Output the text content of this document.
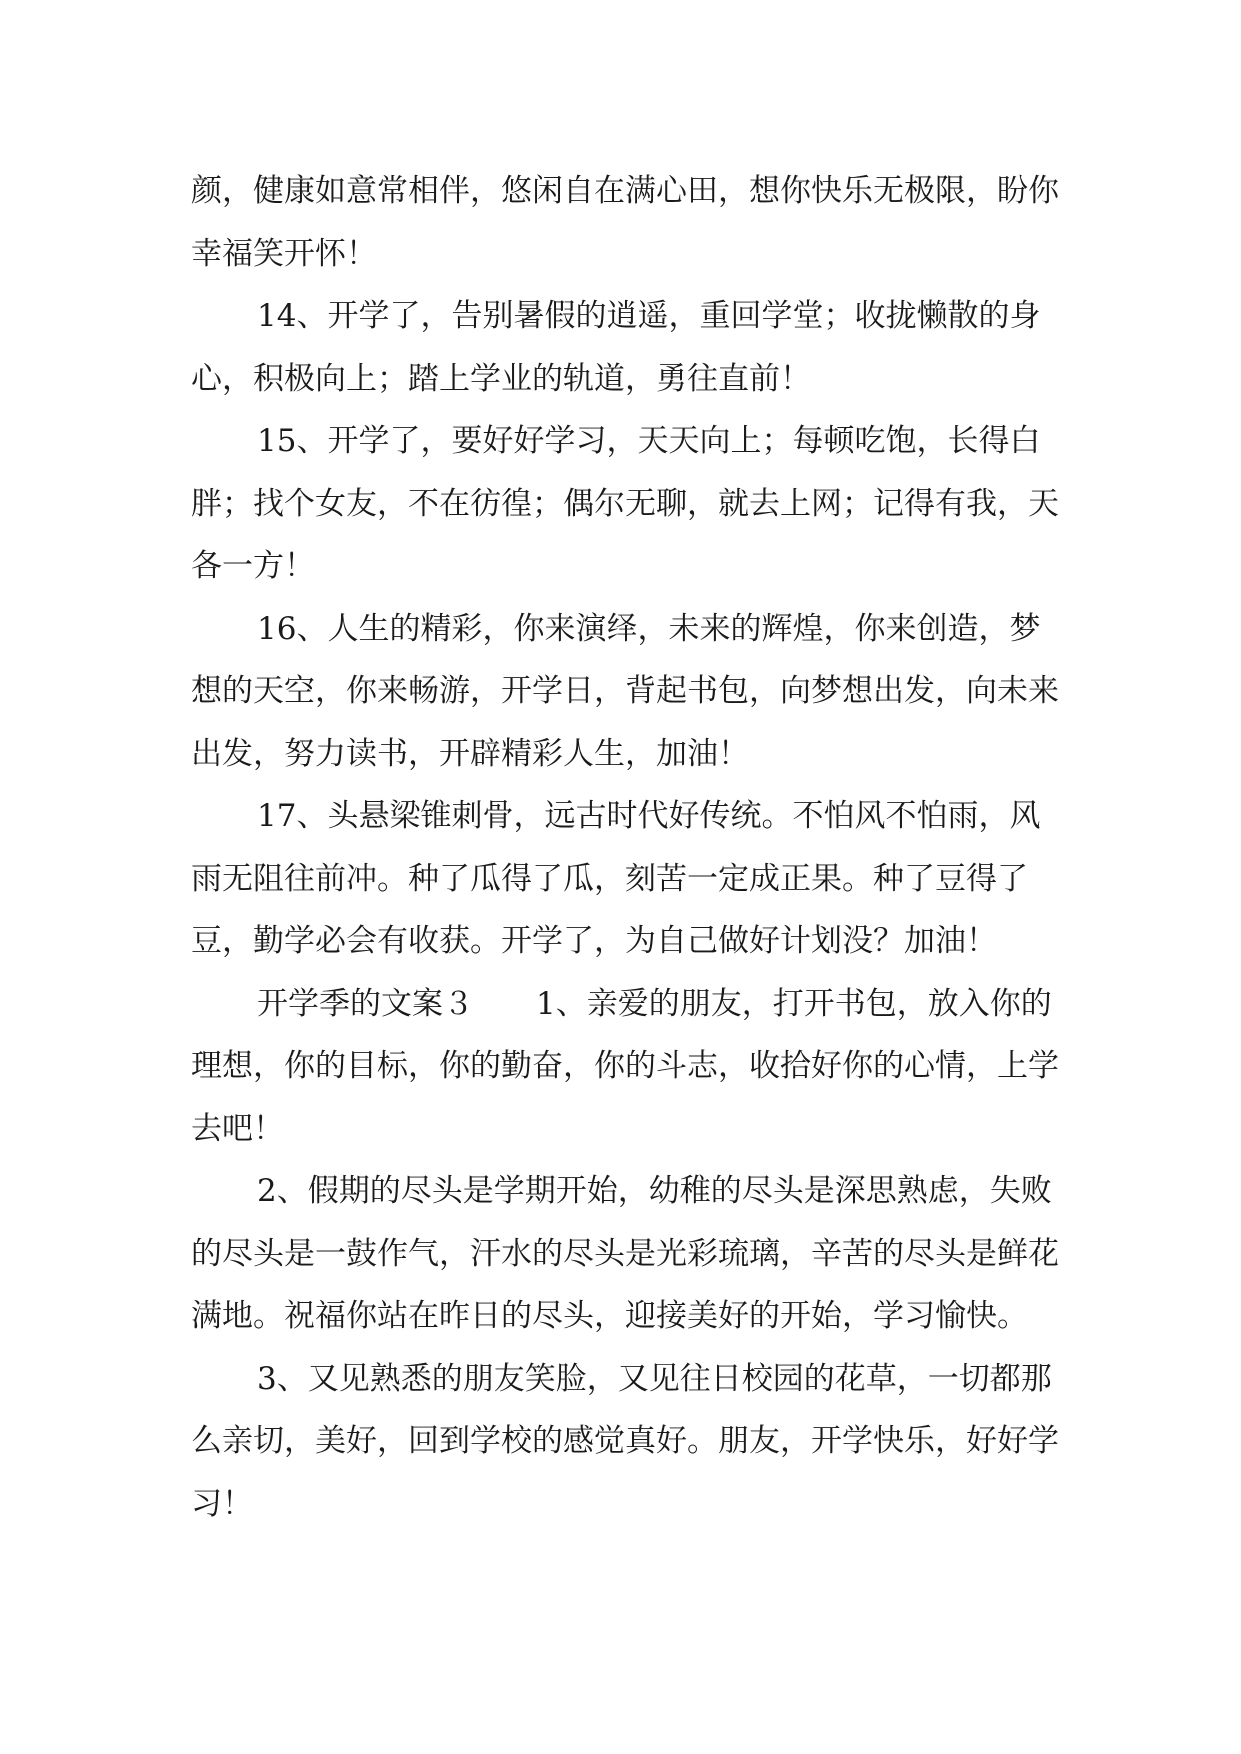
颜，健康如意常相伴，悠闲自在满心田，想你快乐无极限，盼你幸福笑开怀！

14、开学了，告别暑假的逍遥，重回学堂；收拢懒散的身心，积极向上；踏上学业的轨道，勇往直前！

15、开学了，要好好学习，天天向上；每顿吃饱，长得白胖；找个女友，不在彷徨；偶尔无聊，就去上网；记得有我，天各一方！

16、人生的精彩，你来演绎，未来的辉煌，你来创造，梦想的天空，你来畅游，开学日，背起书包，向梦想出发，向未来出发，努力读书，开辟精彩人生，加油！

17、头悬梁锥刺骨，远古时代好传统。不怕风不怕雨，风雨无阻往前冲。种了瓜得了瓜，刻苦一定成正果。种了豆得了豆，勤学必会有收获。开学了，为自己做好计划没？加油！

开学季的文案３ 1、亲爱的朋友，打开书包，放入你的理想，你的目标，你的勤奋，你的斗志，收拾好你的心情，上学去吧！

2、假期的尽头是学期开始，幼稚的尽头是深思熟虑，失败的尽头是一鼓作气，汗水的尽头是光彩琉璃，辛苦的尽头是鲜花满地。祝福你站在昨日的尽头，迎接美好的开始，学习愉快。

3、又见熟悉的朋友笑脸，又见往日校园的花草，一切都那么亲切，美好，回到学校的感觉真好。朋友，开学快乐，好好学习！
